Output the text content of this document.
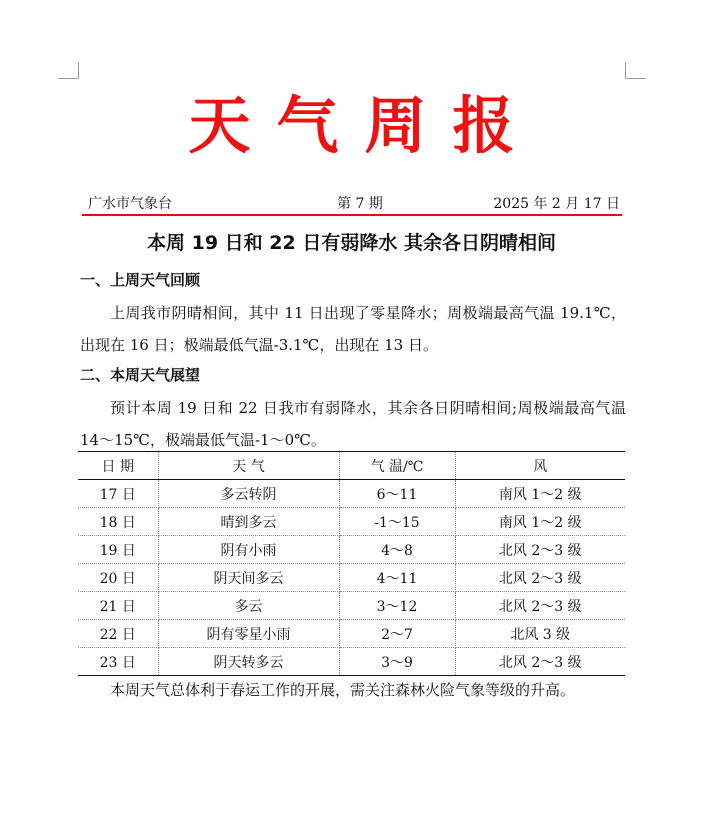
天气周报
广水市气象台	第 7 期	2025 年 2 月 17 日
本周 19 日和 22 日有弱降水 其余各日阴晴相间
一、上周天气回顾

上周我市阴晴相间，其中 11 日出现了零星降水；周极端最高气温 19.1℃，出现在 16 日；极端最低气温-3.1℃，出现在 13 日。

二、本周天气展望

预计本周 19 日和 22 日我市有弱降水，其余各日阴晴相间;周极端最高气温 14～15℃，极端最低气温-1～0℃。

日 期	天 气	气 温/℃	风
17 日	多云转阴	6～11	南风 1～2 级
18 日	晴到多云	-1～15	南风 1～2 级
19 日	阴有小雨	4～8	北风 2～3 级
20 日	阴天间多云	4～11	北风 2～3 级
21 日	多云	3～12	北风 2～3 级
22 日	阴有零星小雨	2～7	北风 3 级
23 日	阴天转多云	3～9	北风 2～3 级

本周天气总体利于春运工作的开展，需关注森林火险气象等级的升高。
